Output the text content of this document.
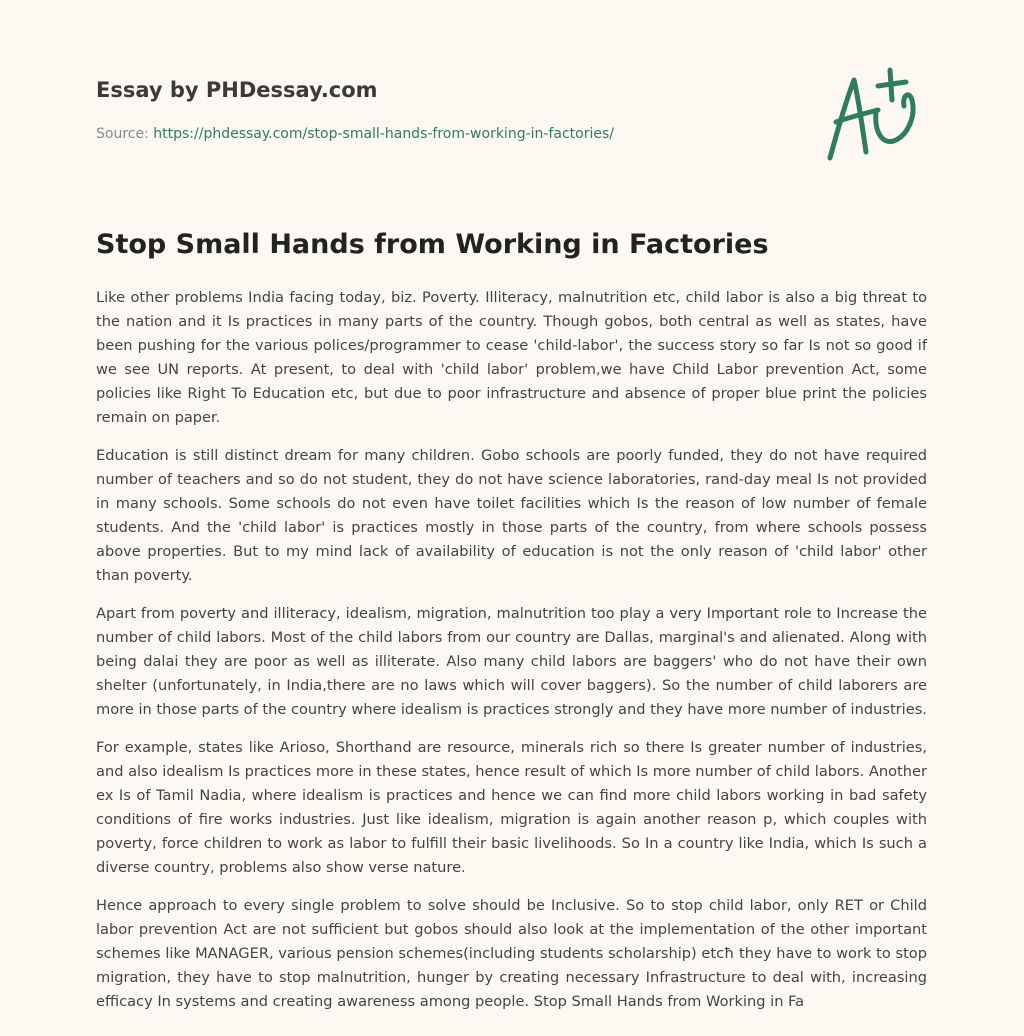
Essay by PHDessay.com
Source: https://phdessay.com/stop-small-hands-from-working-in-factories/
Stop Small Hands from Working in Factories

Like other problems India facing today, biz. Poverty. Illiteracy, malnutrition etc, child labor is also a big threat to the nation and it Is practices in many parts of the country. Though gobos, both central as well as states, have been pushing for the various polices/programmer to cease 'child-labor', the success story so far Is not so good if we see UN reports. At present, to deal with 'child labor' problem,we have Child Labor prevention Act, some policies like Right To Education etc, but due to poor infrastructure and absence of proper blue print the policies remain on paper.

Education is still distinct dream for many children. Gobo schools are poorly funded, they do not have required number of teachers and so do not student, they do not have science laboratories, rand-day meal Is not provided in many schools. Some schools do not even have toilet facilities which Is the reason of low number of female students. And the 'child labor' is practices mostly in those parts of the country, from where schools possess above properties. But to my mind lack of availability of education is not the only reason of 'child labor' other than poverty.

Apart from poverty and illiteracy, idealism, migration, malnutrition too play a very Important role to Increase the number of child labors. Most of the child labors from our country are Dallas, marginal's and alienated. Along with being dalai they are poor as well as illiterate. Also many child labors are baggers' who do not have their own shelter (unfortunately, in India,there are no laws which will cover baggers). So the number of child laborers are more in those parts of the country where idealism is practices strongly and they have more number of industries.

For example, states like Arioso, Shorthand are resource, minerals rich so there Is greater number of industries, and also idealism Is practices more in these states, hence result of which Is more number of child labors. Another ex Is of Tamil Nadia, where idealism is practices and hence we can find more child labors working in bad safety conditions of fire works industries. Just like idealism, migration is again another reason p, which couples with poverty, force children to work as labor to fulfill their basic livelihoods. So In a country like India, which Is such a diverse country, problems also show verse nature.

Hence approach to every single problem to solve should be Inclusive. So to stop child labor, only RET or Child labor prevention Act are not sufficient but gobos should also look at the implementation of the other important schemes like MANAGER, various pension schemes(including students scholarship) etcħ they have to work to stop migration, they have to stop malnutrition, hunger by creating necessary Infrastructure to deal with, increasing efficacy In systems and creating awareness among people. Stop Small Hands from Working in Fa
